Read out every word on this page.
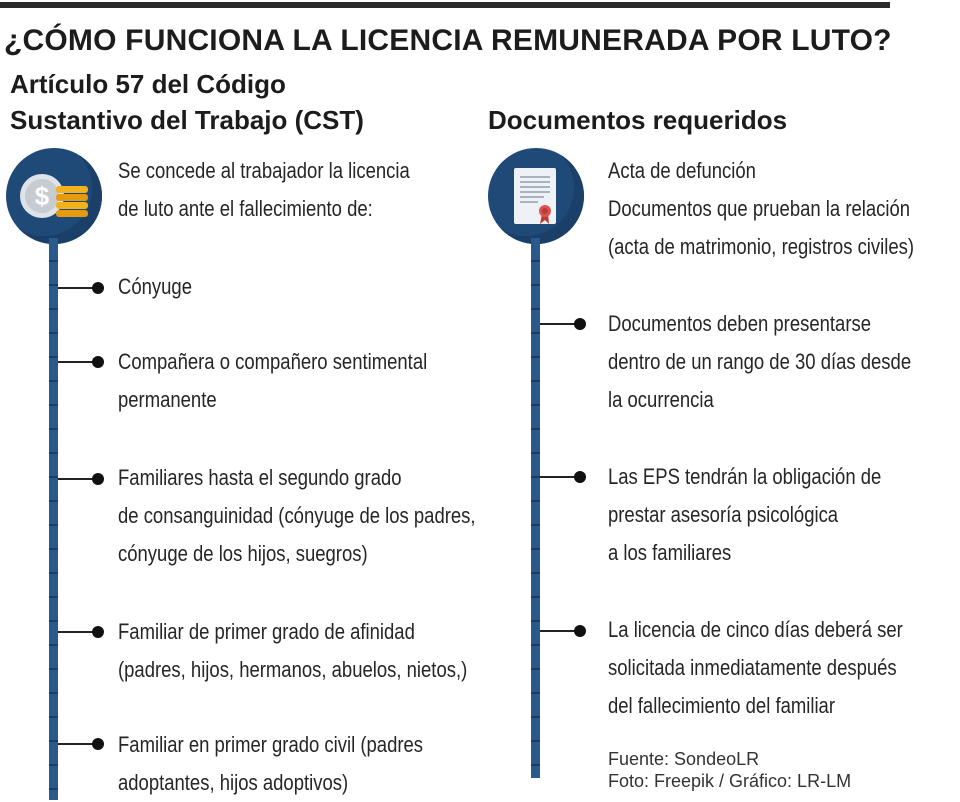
¿CÓMO FUNCIONA LA LICENCIA REMUNERADA POR LUTO?
Artículo 57 del Código
Sustantivo del Trabajo (CST)
$
Se concede al trabajador la licencia
de luto ante el fallecimiento de:
Cónyuge
Compañera o compañero sentimental
permanente
Familiares hasta el segundo grado
de consanguinidad (cónyuge de los padres,
cónyuge de los hijos, suegros)
Familiar de primer grado de afinidad
(padres, hijos, hermanos, abuelos, nietos,)
Familiar en primer grado civil (padres
adoptantes, hijos adoptivos)
Documentos requeridos
Acta de defunción
Documentos que prueban la relación
(acta de matrimonio, registros civiles)
Documentos deben presentarse
dentro de un rango de 30 días desde
la ocurrencia
Las EPS tendrán la obligación de
prestar asesoría psicológica
a los familiares
La licencia de cinco días deberá ser
solicitada inmediatamente después
del fallecimiento del familiar
Fuente: SondeoLR
Foto: Freepik / Gráfico: LR-LM
